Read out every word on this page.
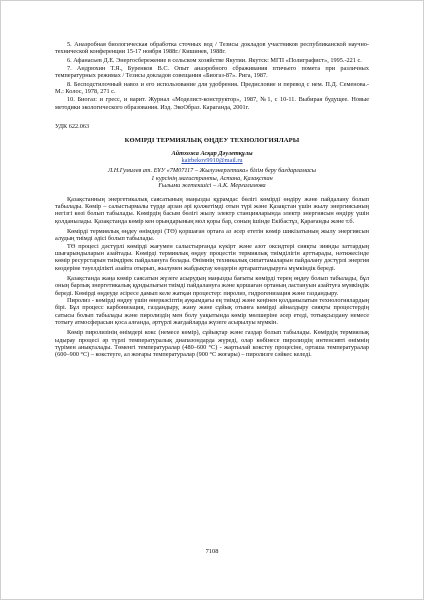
5. Анаэробная биологическая обработка сточных вод / Тезисы докладов участников республиканской научно-технической конференции 15-17 ноября 1988г./ Кишинев, 1988г.

6. Афанасьев Д.Е. Энергосбережение в сельском хозяйстве Якутии. Якутск: МГП «Полиграфист», 1995.-221 с.

7. Андрюхин Т.Я., Буренков В.С. Опыт анаэробного сбраживания птичьего помета при различных температурных режимах / Тезисы докладов совещания «Биогаз-87». Рига, 1987.

8. Бесподстилочный навоз и его использование для удобрения. Предисловие и перевод с нем. П.Д. Семенова.-М.: Колос, 1978, 271 с.

10. Биогаз: и гресс, и варит. Журнал «Моделист-конструктор», 1987, №1, с 10-11. Выбирая будущее. Новые методики экологического образования. Изд. ЭкоОбраз. Караганда, 2001г.

УДК 622.063
КӨМІРДІ ТЕРМИЯЛЫҚ ӨҢДЕУ ТЕХНОЛОГИЯЛАРЫ
Айтхожа Асқар Дәулетқұлы
kairbekov9910@mail.ru
Л.Н.Гумилев ат. ЕҰУ «7М07117 – Жылуэнергетика» білім беру бағдарламасы
1 курсінің магистранты, Астана, Қазақстан
Ғылыми жетекшісі – А.К. Мерғалимова

Қазақстанның энергетикалық саясатының маңызды құрамдас бөлігі көмірді өндіру және пайдалану болып табылады. Көмір – салыстырмалы түрде арзан әрі қолжетімді отын түрі және Қазақстан үшін жылу энергиясының негізгі көзі болып табылады. Көмірдің басым бөлігі жылу электр станцияларында электр энергиясын өндіру үшін қолданылады. Қазақстанда көмір кен орындарының мол қоры бар, соның ішінде Екібастұз, Қарағанды және т.б.

Көмірді термиялық өңдеу өнімдері (ТӨ) қоршаған ортаға аз әсер ететін көмір шикізатының жылу энергиясын алудың тиімді әдісі болып табылады.

ТӨ процесі дәстүрлі көмірді жағумен салыстырғанда күкірт және азот оксидтері сияқты зиянды заттардың шығарындыларын азайтады. Көмірді термиялық өңдеу процестін термиялық тиімділігін арттырады, нәтижесінде көмір ресурстарын тиімдірек пайдалануға болады. Өнімнің техникалық сипаттамаларын пайдалану дәстүрлі энергия көздеріне тәуелділікті азайта отырып, жылумен жабдықтау көздерін әртараптандыруға мүмкіндік береді.

Қазақстанда жаңа көмір саясатын жүзеге асырудың маңызды бағыты көмірді терең өңдеу болып табылады, бұл оның барлық энергетикалық құндылығын тиімді пайдалануға және қоршаған ортаның ластануын азайтуға мүмкіндік береді. Көмірді өңдеуде әсіресе дамып келе жатқан процестер: пиролиз, гидрогенизация және газдандыру.

Пиролиз - көмірді өңдеу үшін өнеркәсіптің ауқымдағы ең тиімді және кеңінен қолданылатын технологиялардың бірі. Бұл процесс карбонизация, газдандыру, жану және сұйық отынға көмірді айналдыру сияқты процестердің сатысы болып табылады және пиролиздің мен болу уақытында көмір мөлшеріне әсер етеді, тотықсыздану немесе тотығу атмосферасын қоса алғанда, әртүрлі жағдайларда жүзеге асырылуы мүмкін.

Көмір пиролизінің өнімдері кокс (немесе көмір), сұйықтар және газдар болып табылады. Көмірдің термиялық ыдырау процесі әр түрлі температуралық диапазондарда жүреді, олар көбінесе пиролиздің интенсивті өнімнің түрімен анықталады. Төменгі температуралар (480–600 °С) - жартылай кокстеу процесіне, орташа температуралар (600–900 °С) – кокстеуге, ал жоғары температуралар (900 °С жоғары) – пиролизге сәйкес келеді.

7108
